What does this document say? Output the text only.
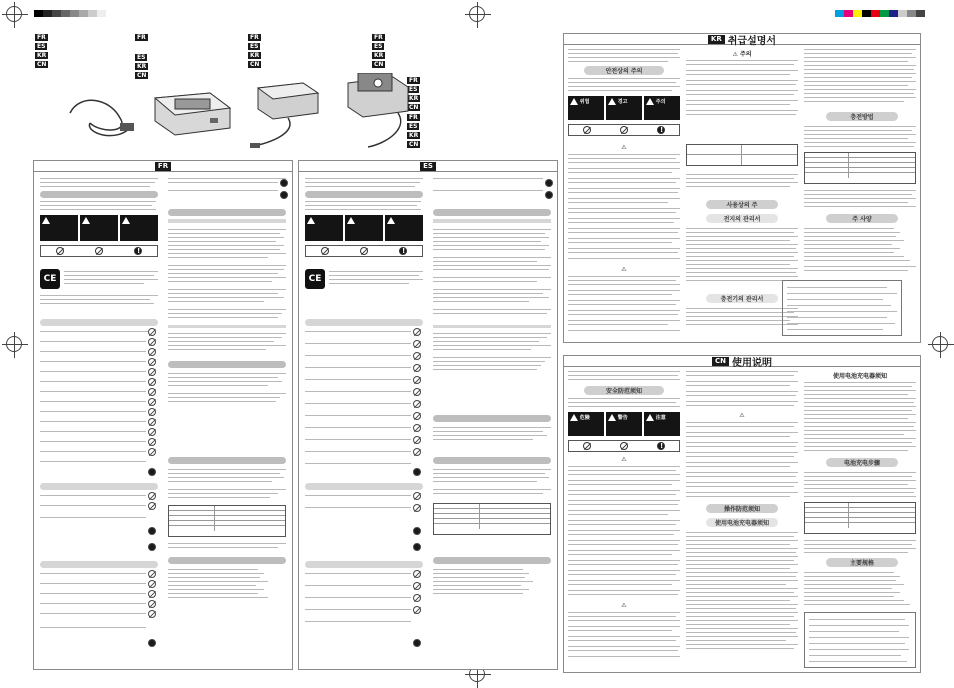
FR
ES
KR
CN
FR
ES
KR
CN
FR
ES
KR
CN
FR
ES
KR
CN
FR
ES
KR
CN
FR
ES
KR
CN
FR
!
CE
ES
!
CE
KR 취급설명서
안전상의 주의
위험	경고	주의
!
⚠
⚠
⚠ 주의
사용상의 주
전지의 관리서
충전기의 관리서
충전방법
주 사양
CN 使用说明
安全防范须知
危險	警告	注意
!
⚠
⚠
⚠
操作防范须知
使用电池充电器须知
使用电池充电器须知
电池充电步骤
主要规格
